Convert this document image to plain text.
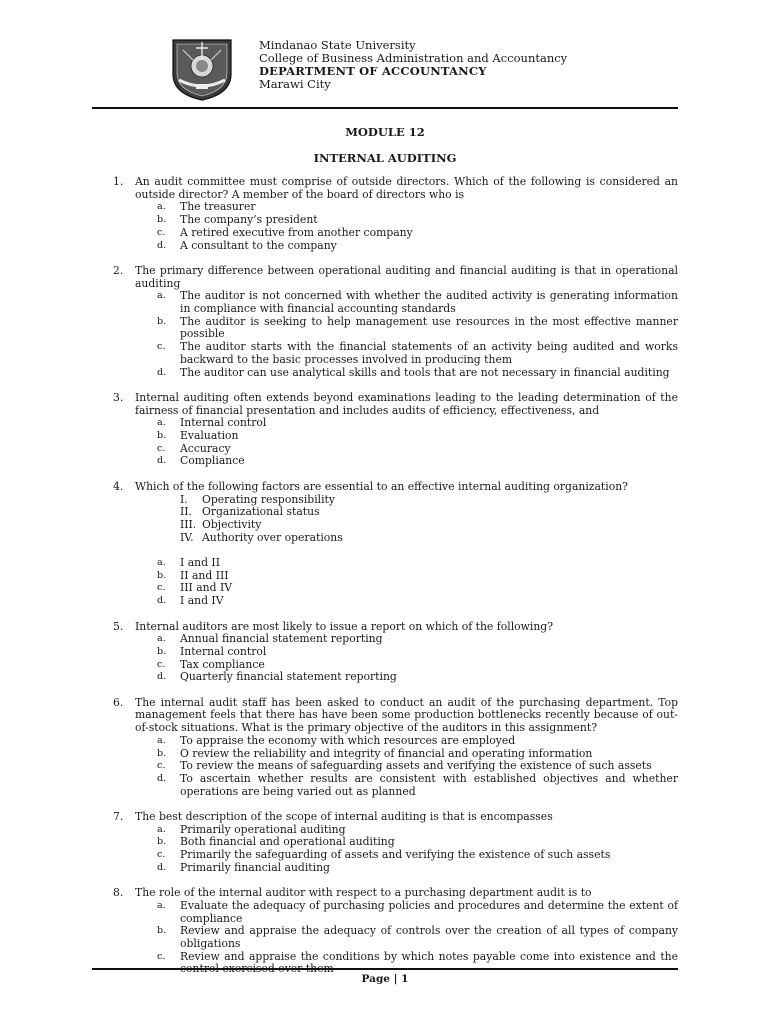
Mindanao State University
College of Business Administration and Accountancy
DEPARTMENT OF ACCOUNTANCY
Marawi City
MODULE 12
INTERNAL AUDITING
1. An audit committee must comprise of outside directors. Which of the following is considered an outside director? A member of the board of directors who is
a. The treasurer
b. The company’s president
c. A retired executive from another company
d. A consultant to the company
2. The primary difference between operational auditing and financial auditing is that in operational auditing
a. The auditor is not concerned with whether the audited activity is generating information in compliance with financial accounting standards
b. The auditor is seeking to help management use resources in the most effective manner possible
c. The auditor starts with the financial statements of an activity being audited and works backward to the basic processes involved in producing them
d. The auditor can use analytical skills and tools that are not necessary in financial auditing
3. Internal auditing often extends beyond examinations leading to the leading determination of the fairness of financial presentation and includes audits of efficiency, effectiveness, and
a. Internal control
b. Evaluation
c. Accuracy
d. Compliance
4. Which of the following factors are essential to an effective internal auditing organization?
I. Operating responsibility
II. Organizational status
III. Objectivity
IV. Authority over operations
a. I and II
b. II and III
c. III and IV
d. I and IV
5. Internal auditors are most likely to issue a report on which of the following?
a. Annual financial statement reporting
b. Internal control
c. Tax compliance
d. Quarterly financial statement reporting
6. The internal audit staff has been asked to conduct an audit of the purchasing department. Top management feels that there has have been some production bottlenecks recently because of out-of-stock situations. What is the primary objective of the auditors in this assignment?
a. To appraise the economy with which resources are employed
b. O review the reliability and integrity of financial and operating information
c. To review the means of safeguarding assets and verifying the existence of such assets
d. To ascertain whether results are consistent with established objectives and whether operations are being varied out as planned
7. The best description of the scope of internal auditing is that is encompasses
a. Primarily operational auditing
b. Both financial and operational auditing
c. Primarily the safeguarding of assets and verifying the existence of such assets
d. Primarily financial auditing
8. The role of the internal auditor with respect to a purchasing department audit is to
a. Evaluate the adequacy of purchasing policies and procedures and determine the extent of compliance
b. Review and appraise the adequacy of controls over the creation of all types of company obligations
c. Review and appraise the conditions by which notes payable come into existence and the
Page | 1
